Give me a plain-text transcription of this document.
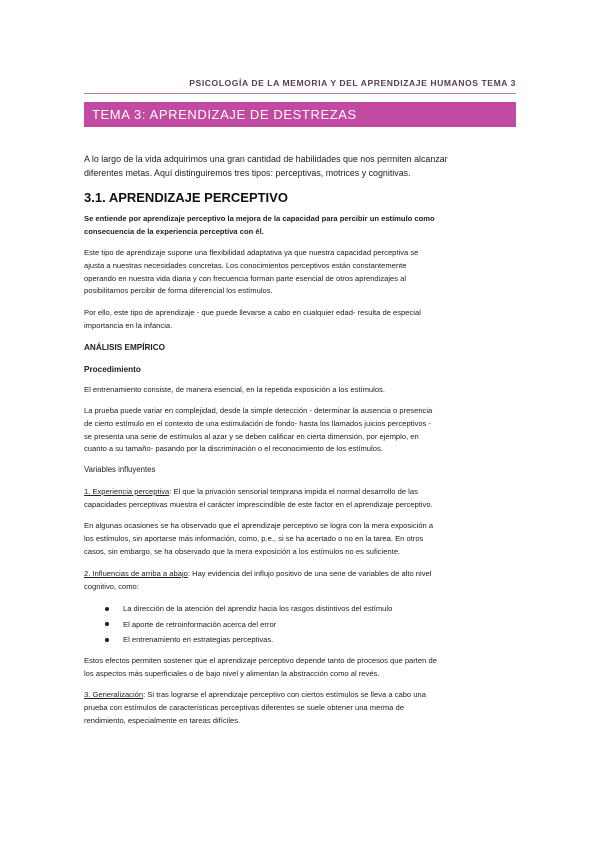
PSICOLOGÍA DE LA MEMORIA Y DEL APRENDIZAJE HUMANOS TEMA 3
TEMA 3: APRENDIZAJE DE DESTREZAS
A lo largo de la vida adquirimos una gran cantidad de habilidades que nos permiten alcanzar
diferentes metas. Aquí distinguiremos tres tipos: perceptivas, motrices y cognitivas.
3.1. APRENDIZAJE PERCEPTIVO
Se entiende por aprendizaje perceptivo la mejora de la capacidad para percibir un estímulo como
consecuencia de la experiencia perceptiva con él.
Este tipo de aprendizaje supone una flexibilidad adaptativa ya que nuestra capacidad perceptiva se
ajusta a nuestras necesidades concretas. Los conocimientos perceptivos están constantemente
operando en nuestra vida diaria y con frecuencia forman parte esencial de otros aprendizajes al
posibilitarnos percibir de forma diferencial los estímulos.
Por ello, este tipo de aprendizaje - que puede llevarse a cabo en cualquier edad- resulta de especial
importancia en la infancia.
ANÁLISIS EMPÍRICO
Procedimiento
El entrenamiento consiste, de manera esencial, en la repetida exposición a los estímulos.
La prueba puede variar en complejidad, desde la simple detección - determinar la ausencia o presencia
de cierto estímulo en el contexto de una estimulación de fondo- hasta los llamados juicios perceptivos -
se presenta una serie de estímulos al azar y se deben calificar en cierta dimensión, por ejemplo, en
cuanto a su tamaño- pasando por la discriminación o el reconocimiento de los estímulos.
Variables influyentes
1. Experiencia perceptiva: El que la privación sensorial temprana impida el normal desarrollo de las
capacidades perceptivas muestra el carácter imprescindible de este factor en el aprendizaje perceptivo.
En algunas ocasiones se ha observado que el aprendizaje perceptivo se logra con la mera exposición a
los estímulos, sin aportarse más información, como, p.e., si se ha acertado o no en la tarea. En otros
casos, sin embargo, se ha observado que la mera exposición a los estímulos no es suficiente.
2. Influencias de arriba a abajo: Hay evidencia del influjo positivo de una serie de variables de alto nivel
cognitivo, como:
La dirección de la atención del aprendiz hacia los rasgos distintivos del estímulo
El aporte de retroinformación acerca del error
El entrenamiento en estrategias perceptivas.
Estos efectos permiten sostener que el aprendizaje perceptivo depende tanto de procesos que parten de
los aspectos más superficiales o de bajo nivel y alimentan la abstracción como al revés.
3. Generalización: Si tras lograrse el aprendizaje perceptivo con ciertos estímulos se lleva a cabo una
prueba con estímulos de características perceptivas diferentes se suele obtener una merma de
rendimiento, especialmente en tareas difíciles.
